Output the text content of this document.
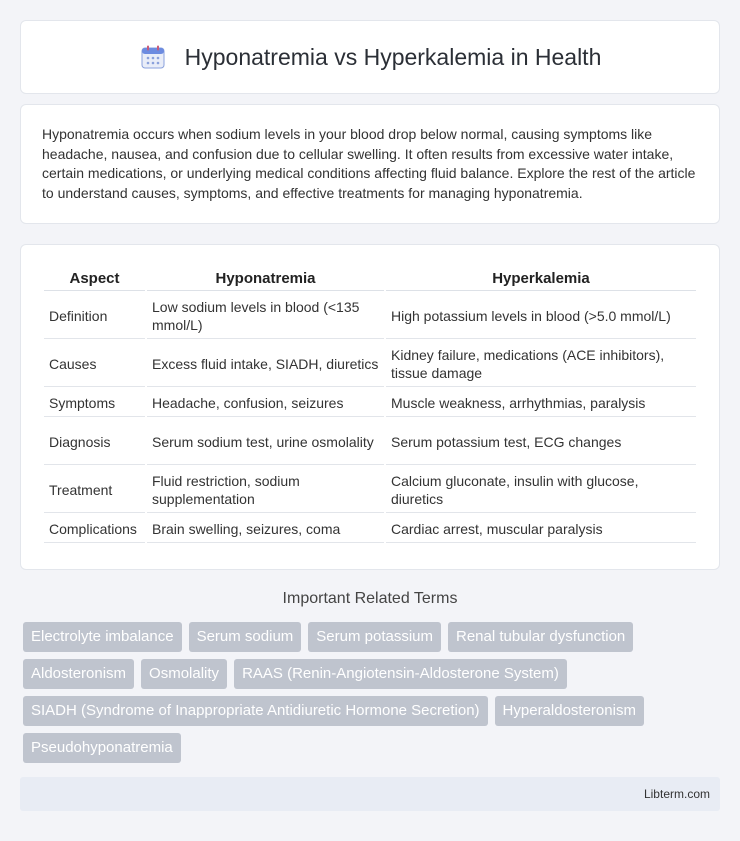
Hyponatremia vs Hyperkalemia in Health

Hyponatremia occurs when sodium levels in your blood drop below normal, causing symptoms like headache, nausea, and confusion due to cellular swelling. It often results from excessive water intake, certain medications, or underlying medical conditions affecting fluid balance. Explore the rest of the article to understand causes, symptoms, and effective treatments for managing hyponatremia.

Aspect	Hyponatremia	Hyperkalemia
Definition	Low sodium levels in blood (<135 mmol/L)	High potassium levels in blood (>5.0 mmol/L)
Causes	Excess fluid intake, SIADH, diuretics	Kidney failure, medications (ACE inhibitors), tissue damage
Symptoms	Headache, confusion, seizures	Muscle weakness, arrhythmias, paralysis
Diagnosis	Serum sodium test, urine osmolality	Serum potassium test, ECG changes
Treatment	Fluid restriction, sodium supplementation	Calcium gluconate, insulin with glucose, diuretics
Complications	Brain swelling, seizures, coma	Cardiac arrest, muscular paralysis
Important Related Terms
Electrolyte imbalance	Serum sodium	Serum potassium	Renal tubular dysfunction
Aldosteronism	Osmolality	RAAS (Renin-Angiotensin-Aldosterone System)
SIADH (Syndrome of Inappropriate Antidiuretic Hormone Secretion)	Hyperaldosteronism
Pseudohyponatremia
Libterm.com
